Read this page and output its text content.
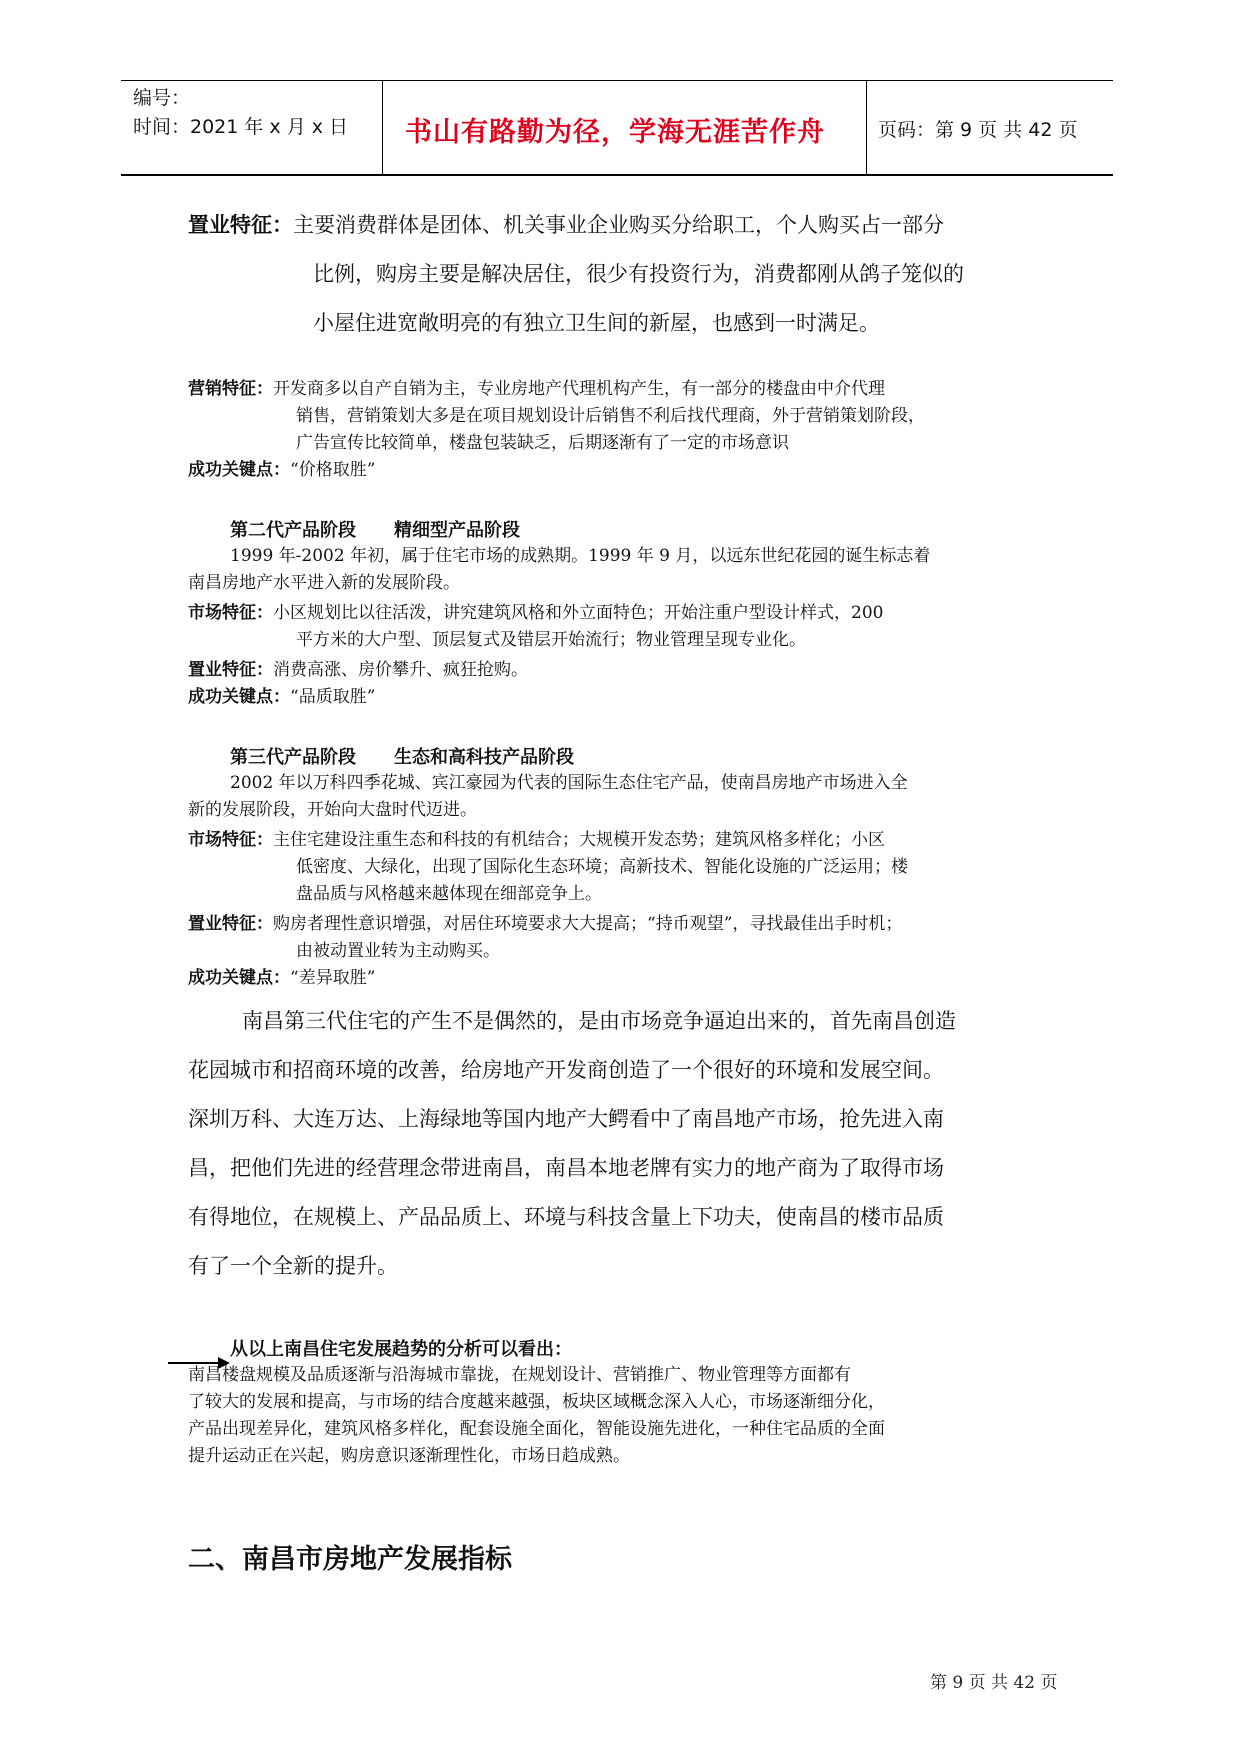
编号：
时间：2021 年 x 月 x 日 书山有路勤为径，学海无涯苦作舟	页码：第 9 页 共 42 页
置业特征：主要消费群体是团体、机关事业企业购买分给职工，个人购买占一部分
比例，购房主要是解决居住，很少有投资行为，消费都刚从鸽子笼似的
小屋住进宽敞明亮的有独立卫生间的新屋，也感到一时满足。
营销特征：开发商多以自产自销为主，专业房地产代理机构产生，有一部分的楼盘由中介代理
销售，营销策划大多是在项目规划设计后销售不利后找代理商，外于营销策划阶段，
广告宣传比较简单，楼盘包装缺乏，后期逐渐有了一定的市场意识
成功关键点：“价格取胜”
第二代产品阶段 精细型产品阶段
1999 年-2002 年初，属于住宅市场的成熟期。1999 年 9 月，以远东世纪花园的诞生标志着
南昌房地产水平进入新的发展阶段。
市场特征：小区规划比以往活泼，讲究建筑风格和外立面特色；开始注重户型设计样式，200
平方米的大户型、顶层复式及错层开始流行；物业管理呈现专业化。
置业特征：消费高涨、房价攀升、疯狂抢购。
成功关键点：“品质取胜”
第三代产品阶段 生态和高科技产品阶段
2002 年以万科四季花城、宾江豪园为代表的国际生态住宅产品，使南昌房地产市场进入全
新的发展阶段，开始向大盘时代迈进。
市场特征：主住宅建设注重生态和科技的有机结合；大规模开发态势；建筑风格多样化；小区
低密度、大绿化，出现了国际化生态环境；高新技术、智能化设施的广泛运用；楼
盘品质与风格越来越体现在细部竞争上。
置业特征：购房者理性意识增强，对居住环境要求大大提高；“持币观望”，寻找最佳出手时机；
由被动置业转为主动购买。
成功关键点：“差异取胜”
南昌第三代住宅的产生不是偶然的，是由市场竞争逼迫出来的，首先南昌创造
花园城市和招商环境的改善，给房地产开发商创造了一个很好的环境和发展空间。
深圳万科、大连万达、上海绿地等国内地产大鳄看中了南昌地产市场，抢先进入南
昌，把他们先进的经营理念带进南昌，南昌本地老牌有实力的地产商为了取得市场
有得地位，在规模上、产品品质上、环境与科技含量上下功夫，使南昌的楼市品质
有了一个全新的提升。
从以上南昌住宅发展趋势的分析可以看出：
南昌楼盘规模及品质逐渐与沿海城市靠拢，在规划设计、营销推广、物业管理等方面都有
了较大的发展和提高，与市场的结合度越来越强，板块区域概念深入人心，市场逐渐细分化，
产品出现差异化，建筑风格多样化，配套设施全面化，智能设施先进化，一种住宅品质的全面
提升运动正在兴起，购房意识逐渐理性化，市场日趋成熟。
二、南昌市房地产发展指标
第 9 页 共 42 页
